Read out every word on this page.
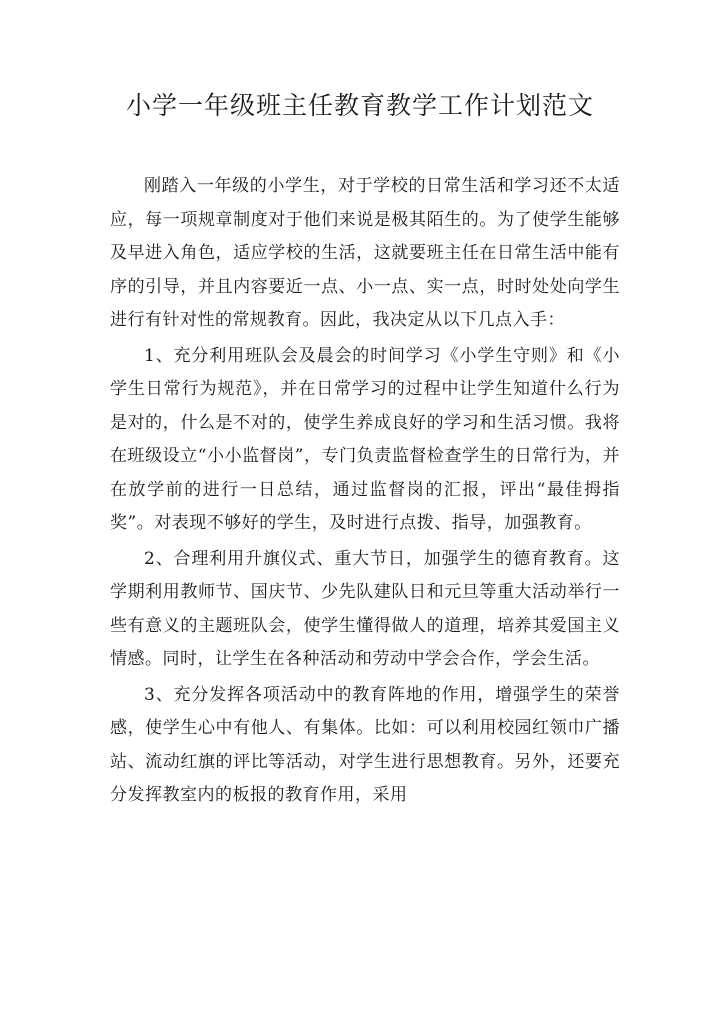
小学一年级班主任教育教学工作计划范文

刚踏入一年级的小学生，对于学校的日常生活和学习还不太适应，每一项规章制度对于他们来说是极其陌生的。为了使学生能够及早进入角色，适应学校的生活，这就要班主任在日常生活中能有序的引导，并且内容要近一点、小一点、实一点，时时处处向学生进行有针对性的常规教育。因此，我决定从以下几点入手：

1、充分利用班队会及晨会的时间学习《小学生守则》和《小学生日常行为规范》，并在日常学习的过程中让学生知道什么行为是对的，什么是不对的，使学生养成良好的学习和生活习惯。我将在班级设立“小小监督岗”，专门负责监督检查学生的日常行为，并在放学前的进行一日总结，通过监督岗的汇报，评出“最佳拇指奖”。对表现不够好的学生，及时进行点拨、指导，加强教育。

2、合理利用升旗仪式、重大节日，加强学生的德育教育。这学期利用教师节、国庆节、少先队建队日和元旦等重大活动举行一些有意义的主题班队会，使学生懂得做人的道理，培养其爱国主义情感。同时，让学生在各种活动和劳动中学会合作，学会生活。

3、充分发挥各项活动中的教育阵地的作用，增强学生的荣誉感，使学生心中有他人、有集体。比如：可以利用校园红领巾广播站、流动红旗的评比等活动，对学生进行思想教育。另外，还要充分发挥教室内的板报的教育作用，采用
